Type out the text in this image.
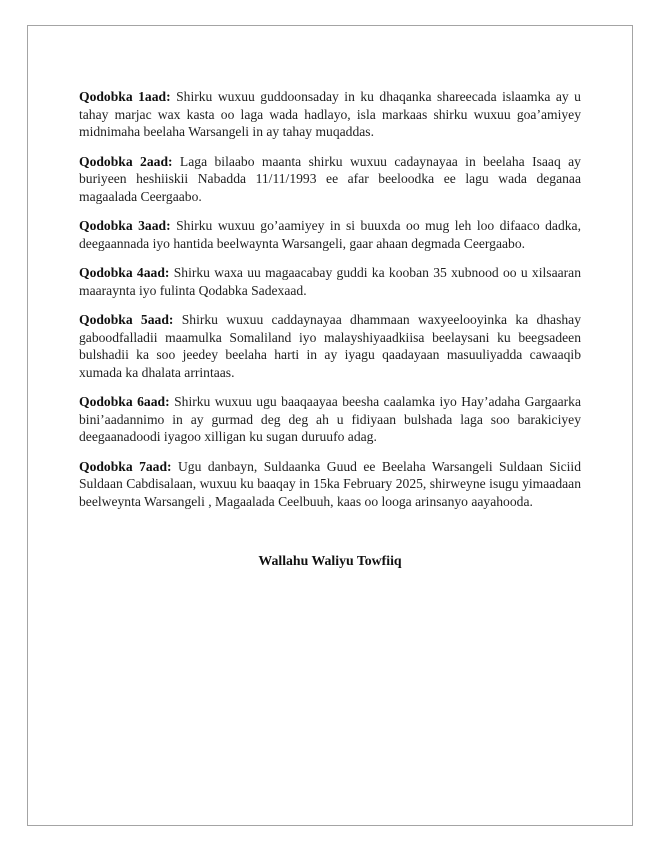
Qodobka 1aad: Shirku wuxuu guddoonsaday in ku dhaqanka shareecada islaamka ay u tahay marjac wax kasta oo laga wada hadlayo, isla markaas shirku wuxuu goa’amiyey midnimaha beelaha Warsangeli in ay tahay muqaddas.

Qodobka 2aad: Laga bilaabo maanta shirku wuxuu cadaynayaa in beelaha Isaaq ay buriyeen heshiiskii Nabadda 11/11/1993 ee afar beeloodka ee lagu wada deganaa magaalada Ceergaabo.

Qodobka 3aad: Shirku wuxuu go’aamiyey in si buuxda oo mug leh loo difaaco dadka, deegaannada iyo hantida beelwaynta Warsangeli, gaar ahaan degmada Ceergaabo.

Qodobka 4aad: Shirku waxa uu magaacabay guddi ka kooban 35 xubnood oo u xilsaaran maaraynta iyo fulinta Qodabka Sadexaad.

Qodobka 5aad: Shirku wuxuu caddaynayaa dhammaan waxyeelooyinka ka dhashay gaboodfalladii maamulka Somaliland iyo malayshiyaadkiisa beelaysani ku beegsadeen bulshadii ka soo jeedey beelaha harti in ay iyagu qaadayaan masuuliyadda cawaaqib xumada ka dhalata arrintaas.

Qodobka 6aad: Shirku wuxuu ugu baaqaayaa beesha caalamka iyo Hay’adaha Gargaarka bini’aadannimo in ay gurmad deg deg ah u fidiyaan bulshada laga soo barakiciyey deegaanadoodi iyagoo xilligan ku sugan duruufo adag.

Qodobka 7aad: Ugu danbayn, Suldaanka Guud ee Beelaha Warsangeli Suldaan Siciid Suldaan Cabdisalaan, wuxuu ku baaqay in 15ka February 2025, shirweyne isugu yimaadaan beelweynta Warsangeli , Magaalada Ceelbuuh, kaas oo looga arinsanyo aayahooda.

Wallahu Waliyu Towfiiq
